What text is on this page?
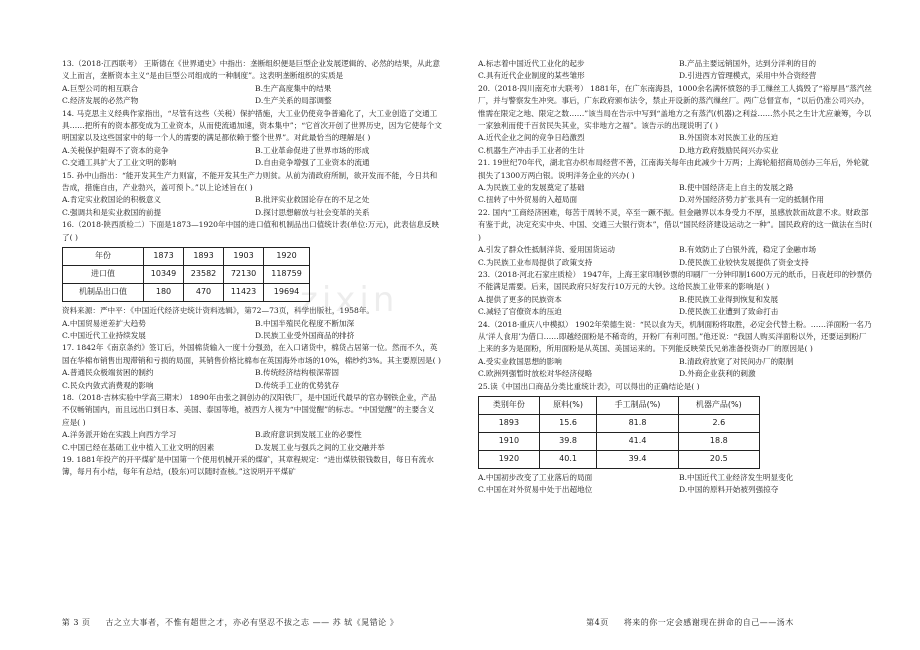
zixin

13.（2018·江西联考） 王斯德在《世界通史》中指出：垄断组织便是巨型企业发展逻辑的、必然的结果，从此意义上而言，垄断资本主义“是由巨型公司组成的一种制度”。这表明垄断组织的实质是

A.巨型公司的相互联合	B.生产高度集中的结果
C.经济发展的必然产物	D.生产关系的局部调整

14. 马克思主义经典作家指出，“尽管有这些（关税）保护措施，大工业仍使竞争普遍化了，大工业创造了交通工具……把所有的资本都变成为工业资本，从而使流通加速，资本集中”；“它首次开创了世界历史，因为它使每个文明国家以及这些国家中的每一个人的需要的满足都依赖于整个世界”。对此最恰当的理解是( )

A.关税保护阻碍不了资本的竞争	B.工业革命促进了世界市场的形成
C.交通工具扩大了工业文明的影响	D.自由竞争增强了工业资本的流通

15. 孙中山指出：“能开发其生产力则富，不能开发其生产力则贫。从前为清政府所制，欲开发而不能，今日共和告成，措施自由，产业勃兴，盖可预卜。”以上论述旨在( )

A.肯定实业救国论的积极意义	B.批评实业救国论存在的不足之处
C.强调共和是实业救国的前提	D.探讨思想解放与社会变革的关系

16.（2018·陕西质检二）下面是1873—1920年中国的进口值和机制品出口值统计表(单位:万元)，此表信息反映了( )

年份	1873	1893	1903	1920
进口值	10349	23582	72130	118759
机制品出口值	180	470	11423	19694

资料来源：严中平：《中国近代经济史统计资料选辑》，第72—73页，科学出版社，1958年。

A.中国贸易逆差扩大趋势	B.中国半殖民化程度不断加深
C.中国近代工业持续发展	D.民族工业受外国商品的排挤

17. 1842年《南京条约》签订后，外国棉货输入一度十分强劲，在入口诸货中，棉货占居第一位。然而不久，英国在华棉布销售出现滞销和亏损的局面，其销售价格比棉布在英国海外市场的10%，棉纱约3%。其主要原因是( )

A.普通民众极端贫困的制约	B.传统经济结构根深蒂固
C.民众内敛式消费观的影响	D.传统手工业的优势犹存

18.（2018·吉林实验中学高三期末） 1890年由张之洞创办的汉阳铁厂，是中国近代最早的官办钢铁企业，产品不仅畅销国内，而且远出口到日本、美国、泰国等地，被西方人视为“中国觉醒”的标志。“中国觉醒”的主要含义应是( )

A.洋务派开始在实践上向西方学习	B.政府意识到发展工业的必要性
C.中国已经在基础工业中植入工业文明的因素	D.发展工业与强兵之间的工业交融并举

19. 1881年投产的开平煤矿是中国第一个使用机械开采的煤矿，其章程规定：“进出煤铁银钱数目，每日有流水簿，每月有小结，每年有总结，(股东)可以随时查核。”这说明开平煤矿

第 3 页 古之立大事者，不惟有超世之才，亦必有坚忍不拔之志 —— 苏 轼《晁错论 》
A.标志着中国近代工业化的起步	B.产品主要远销国外，达到分洋利的目的
C.具有近代企业制度的某些雏形	D.引进西方管理模式，采用中外合资经营

20.（2018·四川南充市大联考） 1881年，在广东南海县，1000余名满怀愤怒的手工缫丝工人捣毁了“裕厚昌”蒸汽丝厂，并与警察发生冲突。事后，广东政府颁布法令，禁止开设新的蒸汽缫丝厂。两广总督宣布，“以后仍准公司兴办，惟需在限定之地、限定之数……”该当局在告示中写到“盖地方之有蒸汽(机器)之利益……然小民之生计尤应兼筹，今以一家独利而使千百贫民失其业，实非地方之福”。该告示的出现说明了( )

A.近代企业之间的竞争日趋激烈	B.外国资本对民族工业的压迫
C.机器生产冲击手工业者的生计	D.地方政府鼓励民间兴办实业

21. 19世纪70年代，湖北官办织布局经营不善，江南海关每年由此减少十万两；上海轮船招商局创办三年后，外轮就损失了1300万两白银。说明洋务企业的兴办( )

A.为民族工业的发展奠定了基础	B.使中国经济走上自主的发展之路
C.扭转了中外贸易的入超局面	D.对外国经济势力扩张具有一定的抵制作用

22. 国内“工商经济困难，每苦于周转不灵，卒至一蹶不振。但金融界以本身受力不厚，虽感放款而故意不求。财政部有鉴于此，决定充实中央、中国、交通三大银行资本”，借以“国民经济建设运动之一种”。国民政府的这一做法在当时( )

A.引发了群众性抵制洋货、爱用国货运动	B.有效防止了白银外流，稳定了金融市场
C.为民族工业布局提供了政策支持	D.使民族工业较快发展提供了资金支持

23.（2018·河北石家庄质检） 1947年，上海王家印制钞票的印刷厂一分钟印制1600万元的纸币，日夜赶印的钞票仍不能满足需要。后来，国民政府只好发行10万元的大钞。这给民族工业带来的影响是( )

A.提供了更多的民族资本	B.使民族工业得到恢复和发展
C.减轻了官僚资本的压迫	D.使民族工业遭到了致命打击

24.（2018·重庆八中模拟） 1902年荣德生说：“民以食为天，机制面粉将取胜，必定会代替土粉。……洋面粉一名乃从‘洋人食用’为借口……即越经面粉是不稀奇的，开粉厂有利可图。”他还说：“我国人购买洋面粉以外，还要运到粉厂上来的多为是面粉，所用面粉是从英国、美国运来的。下列能反映荣氏兄弟准备投资办厂的原因是( )

A.受实业救国思想的影响	B.清政府放宽了对民间办厂的限制
C.欧洲列强暂时放松对华经济侵略	D.外商企业获利的刺激

25.读《中国出口商品分类比重统计表》，可以得出的正确结论是( )

类别年份	原料(%)	手工制品(%)	机器产品(%)
1893	15.6	81.8	2.6
1910	39.8	41.4	18.8
1920	40.1	39.4	20.5
A.中国初步改变了工业落后的局面	B.中国近代工业经济发生明显变化
C.中国在对外贸易中处于出超地位	D.中国的原料开始被列强掠夺
第4页 将来的你一定会感谢现在拼命的自己——汤木
